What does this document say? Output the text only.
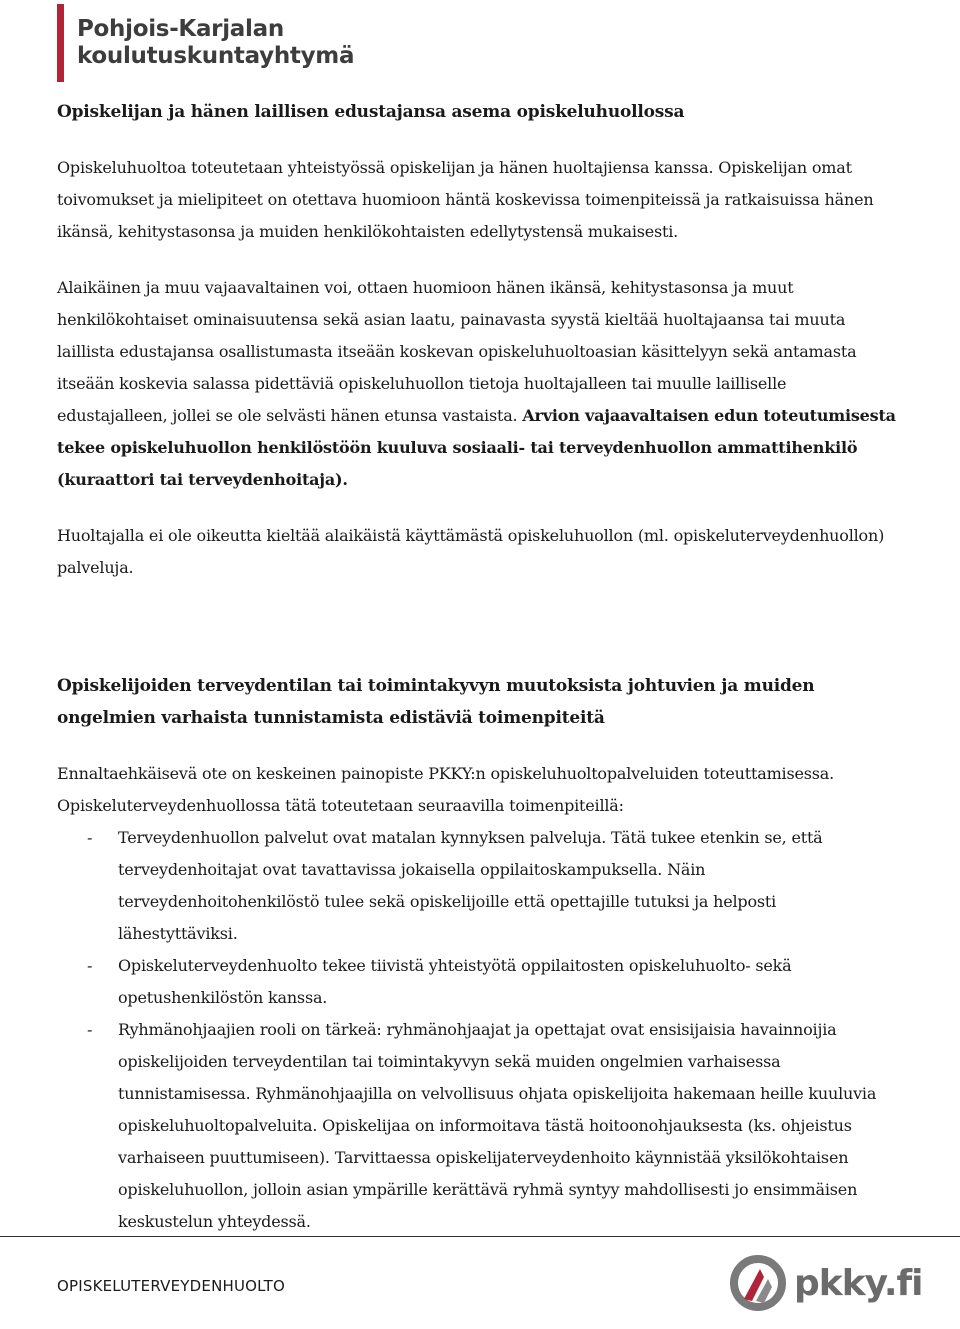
Pohjois-Karjalan
koulutuskuntayhtymä
Opiskelijan ja hänen laillisen edustajansa asema opiskeluhuollossa

Opiskeluhuoltoa toteutetaan yhteistyössä opiskelijan ja hänen huoltajiensa kanssa. Opiskelijan omat toivomukset ja mielipiteet on otettava huomioon häntä koskevissa toimenpiteissä ja ratkaisuissa hänen ikänsä, kehitystasonsa ja muiden henkilökohtaisten edellytystensä mukaisesti.

Alaikäinen ja muu vajaavaltainen voi, ottaen huomioon hänen ikänsä, kehitystasonsa ja muut henkilökohtaiset ominaisuutensa sekä asian laatu, painavasta syystä kieltää huoltajaansa tai muuta laillista edustajansa osallistumasta itseään koskevan opiskeluhuoltoasian käsittelyyn sekä antamasta itseään koskevia salassa pidettäviä opiskeluhuollon tietoja huoltajalleen tai muulle lailliselle edustajalleen, jollei se ole selvästi hänen etunsa vastaista. Arvion vajaavaltaisen edun toteutumisesta tekee opiskeluhuollon henkilöstöön kuuluva sosiaali- tai terveydenhuollon ammattihenkilö (kuraattori tai terveydenhoitaja).

Huoltajalla ei ole oikeutta kieltää alaikäistä käyttämästä opiskeluhuollon (ml. opiskeluterveydenhuollon) palveluja.

Opiskelijoiden terveydentilan tai toimintakyvyn muutoksista johtuvien ja muiden ongelmien varhaista tunnistamista edistäviä toimenpiteitä

Ennaltaehkäisevä ote on keskeinen painopiste PKKY:n opiskeluhuoltopalveluiden toteuttamisessa. Opiskeluterveydenhuollossa tätä toteutetaan seuraavilla toimenpiteillä:

- Terveydenhuollon palvelut ovat matalan kynnyksen palveluja. Tätä tukee etenkin se, että terveydenhoitajat ovat tavattavissa jokaisella oppilaitoskampuksella. Näin terveydenhoitohenkilöstö tulee sekä opiskelijoille että opettajille tutuksi ja helposti lähestyttäviksi.
- Opiskeluterveydenhuolto tekee tiivistä yhteistyötä oppilaitosten opiskeluhuolto- sekä opetushenkilöstön kanssa.
- Ryhmänohjaajien rooli on tärkeä: ryhmänohjaajat ja opettajat ovat ensisijaisia havainnoijia opiskelijoiden terveydentilan tai toimintakyvyn sekä muiden ongelmien varhaisessa tunnistamisessa. Ryhmänohjaajilla on velvollisuus ohjata opiskelijoita hakemaan heille kuuluvia opiskeluhuoltopalveluita. Opiskelijaa on informoitava tästä hoitoonohjauksesta (ks. ohjeistus varhaiseen puuttumiseen). Tarvittaessa opiskelijaterveydenhoito käynnistää yksilökohtaisen opiskeluhuollon, jolloin asian ympärille kerättävä ryhmä syntyy mahdollisesti jo ensimmäisen keskustelun yhteydessä.
OPISKELUTERVEYDENHUOLTO	pkky.fi
